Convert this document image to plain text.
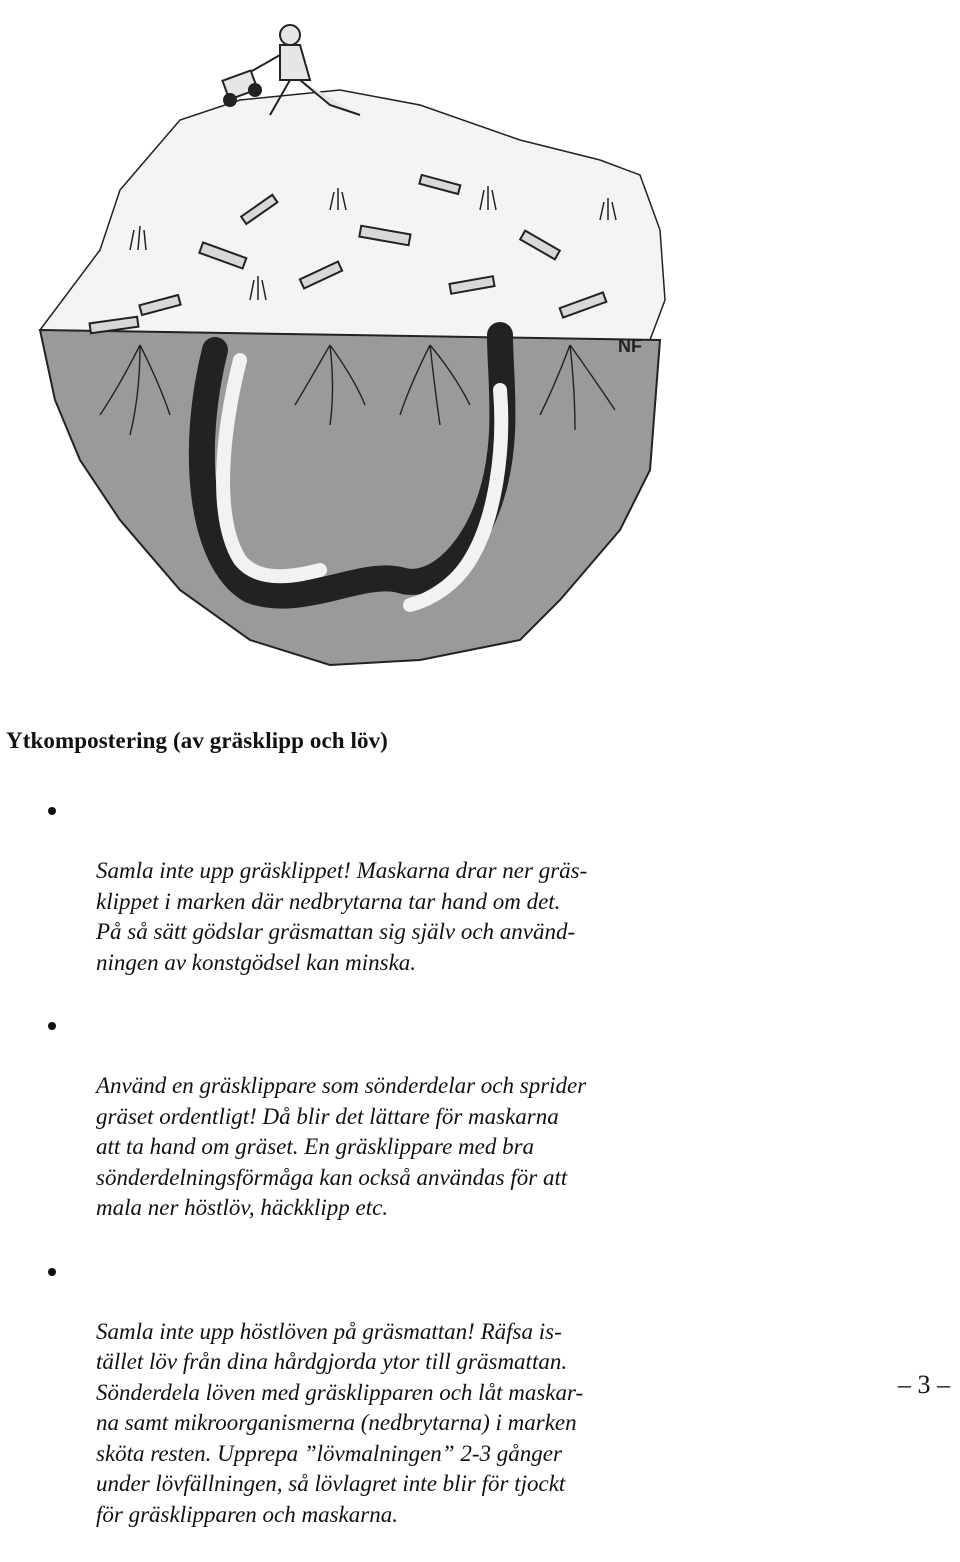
NF
Ytkompostering (av gräsklipp och löv)

Samla inte upp gräsklippet! Maskarna drar ner gräs-
klippet i marken där nedbrytarna tar hand om det.
På så sätt gödslar gräsmattan sig själv och använd-
ningen av konstgödsel kan minska.

Använd en gräsklippare som sönderdelar och sprider
gräset ordentligt! Då blir det lättare för maskarna
att ta hand om gräset. En gräsklippare med bra
sönderdelningsförmåga kan också användas för att
mala ner höstlöv, häckklipp etc.

Samla inte upp höstlöven på gräsmattan! Räfsa is-
tället löv från dina hårdgjorda ytor till gräsmattan.
Sönderdela löven med gräsklipparen och låt maskar-
na samt mikroorganismerna (nedbrytarna) i marken
sköta resten. Upprepa ”lövmalningen” 2-3 gånger
under lövfällningen, så lövlagret inte blir för tjockt
för gräsklipparen och maskarna.

– 3 –
